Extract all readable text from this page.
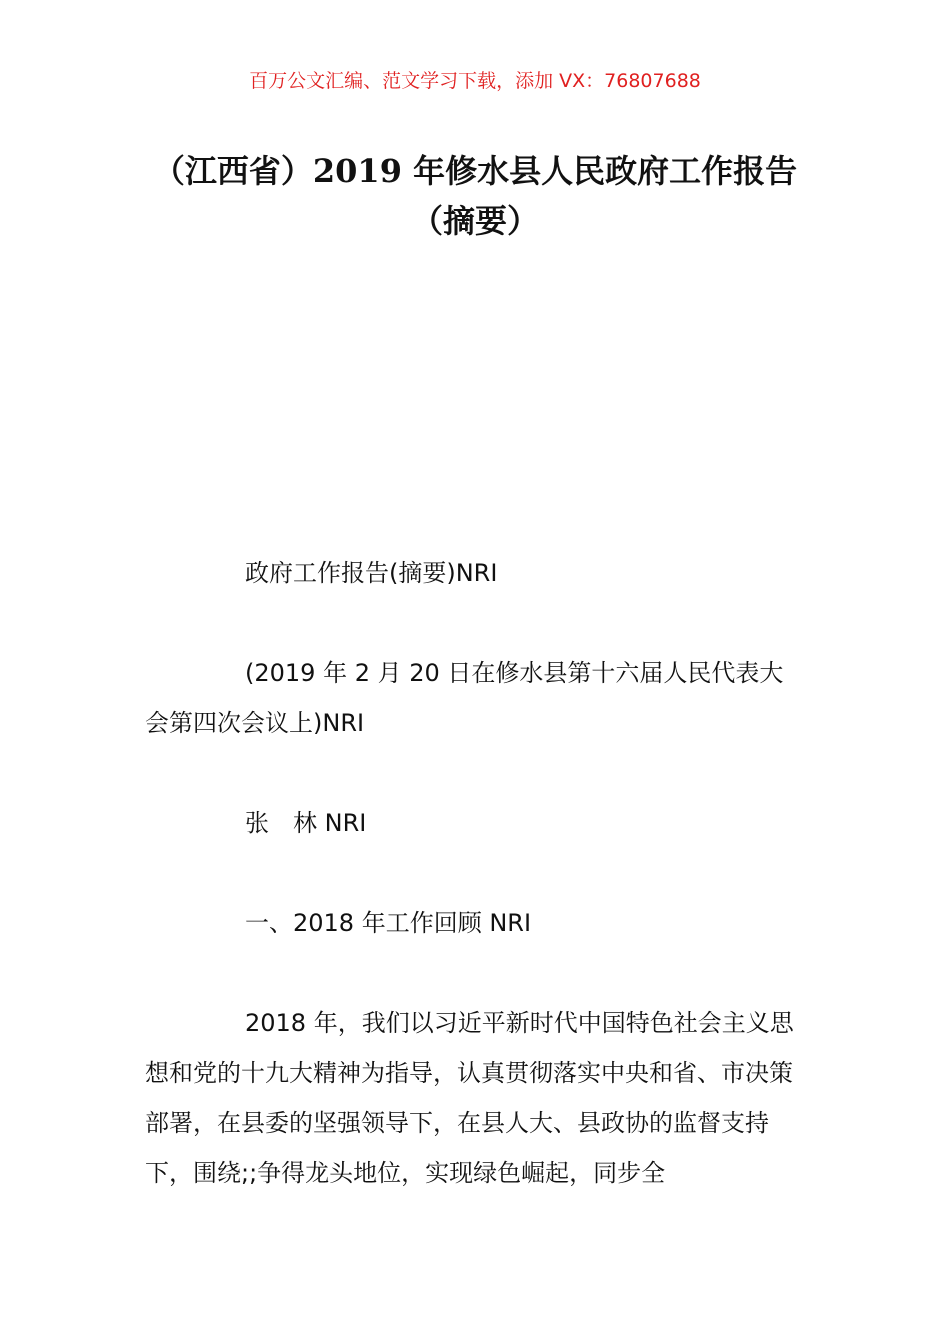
百万公文汇编、范文学习下载，添加 VX：76807688
（江西省）2019 年修水县人民政府工作报告（摘要）

政府工作报告(摘要)NRI

(2019 年 2 月 20 日在修水县第十六届人民代表大会第四次会议上)NRI

张　林 NRI

一、2018 年工作回顾 NRI

2018 年，我们以习近平新时代中国特色社会主义思想和党的十九大精神为指导，认真贯彻落实中央和省、市决策部署，在县委的坚强领导下，在县人大、县政协的监督支持下，围绕;;争得龙头地位，实现绿色崛起，同步全
